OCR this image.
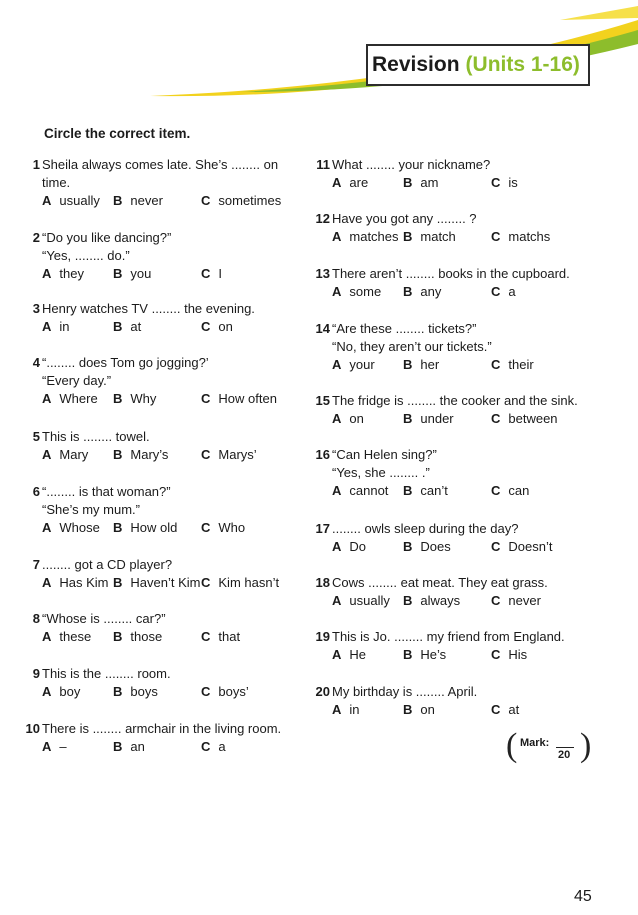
Revision (Units 1-16)
Circle the correct item.
1 Sheila always comes late. She’s ........ on
time.
A usually B never	C sometimes
2 “Do you like dancing?”
“Yes, ........ do.”
A they B you	C I
3 Henry watches TV ........ the evening.
A in	B at	C on
4 “........ does Tom go jogging?’
“Every day.”
A Where B Why	C How often
5 This is ........ towel.
A Mary B Mary’s	C Marys’
6 “........ is that woman?”
“She’s my mum.”
A Whose B How old C Who
7 ........ got a CD player?
A Has Kim B Haven’t Kim C Kim hasn’t
8 “Whose is ........ car?”
A these B those	C that
9 This is the ........ room.
A boy	B boys	C boys’
10 There is ........ armchair in the living room.
A –	B an	C a
11 What ........ your nickname?
A are	B am	C is
12 Have you got any ........ ?
A matches B match	C matchs
13 There aren’t ........ books in the cupboard.
A some B any	C a
14 “Are these ........ tickets?”
“No, they aren’t our tickets.”
A your B her	C their
15 The fridge is ........ the cooker and the sink.
A on	B under	C between
16 “Can Helen sing?”
“Yes, she ........ .”
A cannot B can’t	C can
17 ........ owls sleep during the day?
A Do	B Does	C Doesn’t
18 Cows ........ eat meat. They eat grass.
A usually B always C never
19 This is Jo. ........ my friend from England.
A He	B He’s	C His
20 My birthday is ........ April.
A in	B on	C at
( Mark:
20 )
45
